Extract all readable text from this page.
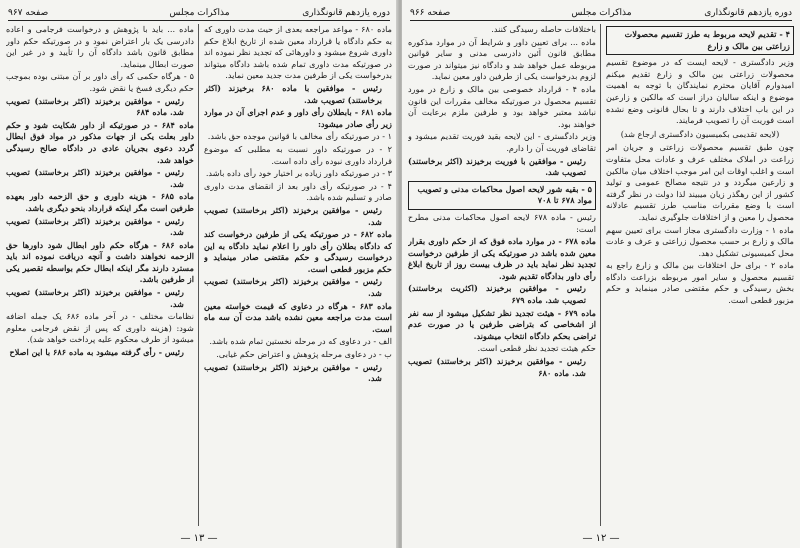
دوره یازدهم قانونگذاری
مذاکرات مجلس
صفحه ۹۶۷

ماده ۶۸۰ - مواعد مراجعه بعدی از حیث مدت داوری که به حکم دادگاه یا قرارداد معین شده از تاریخ ابلاغ حکم داوری شروع میشود و داورهائی که تجدید نظر نموده اند در صورتیکه مدت داوری تمام شده باشد دادگاه میتواند بدرخواست یکی از طرفین مدت جدید معین نماید.

رئیس - موافقین با ماده ۶۸۰ برخیزند (اکثر برخاستند) تصویب شد.

ماده ۶۸۱ - بابطلان رأی داور و عدم اجرای آن در موارد زیر رأی صادر میشود:

۱ - در صورتیکه رأی مخالف با قوانین موجده حق باشد.

۲ - در صورتیکه داور نسبت به مطلبی که موضوع قرارداد داوری نبوده رأی داده است.

۳ - در صورتیکه داور زیاده بر اختیار خود رأی داده باشد.

۴ - در صورتیکه رأی داور بعد از انقضای مدت داوری صادر و تسلیم شده باشد.

رئیس - موافقین برخیزند (اکثر برخاستند) تصویب شد.

ماده ۶۸۲ - در صورتیکه یکی از طرفین درخواست کند که دادگاه بطلان رأی داور را اعلام نماید دادگاه به این درخواست رسیدگی و حکم مقتضی صادر مینماید و حکم مزبور قطعی است.

رئیس - موافقین برخیزند (اکثر برخاستند) تصویب شد.

ماده ۶۸۳ - هرگاه در دعاوی که قیمت خواسته معین است مدت مراجعه معین نشده باشد مدت آن سه ماه است.

الف - در دعاوی که در مرحله نخستین تمام شده باشد.

ب - در دعاوی مرحله پژوهش و اعتراض حکم غیابی.

رئیس - موافقین برخیزند (اکثر برخاستند) تصویب شد.

ماده ... باید با پژوهش و درخواست فرجامی و اعاده دادرسی یک بار اعتراض نمود و در صورتیکه حکم داور مطابق قانون باشد دادگاه آن را تأیید و در غیر این صورت ابطال مینماید.

۵ - هرگاه حکمی که رأی داور بر آن مبتنی بوده بموجب حکم دیگری فسخ یا نقض شود.

رئیس - موافقین برخیزند (اکثر برخاستند) تصویب شد. ماده ۶۸۴

ماده ۶۸۴ - در صورتیکه از داور شکایت شود و حکم داور بعلت یکی از جهات مذکور در مواد فوق ابطال گردد دعوی بجریان عادی در دادگاه صالح رسیدگی خواهد شد.

رئیس - موافقین برخیزند (اکثر برخاستند) تصویب شد.

ماده ۶۸۵ - هزینه داوری و حق الزحمه داور بعهده طرفین است مگر اینکه قرارداد بنحو دیگری باشد.

رئیس - موافقین برخیزند (اکثر برخاستند) تصویب شد.

ماده ۶۸۶ - هرگاه حکم داور ابطال شود داورها حق الزحمه نخواهند داشت و آنچه دریافت نموده اند باید مسترد دارند مگر اینکه ابطال حکم بواسطه تقصیر یکی از طرفین باشد.

رئیس - موافقین برخیزند (اکثر برخاستند) تصویب شد.

نظامات مختلف - در آخر ماده ۶۸۶ یک جمله اضافه شود: (هزینه داوری که پس از نقض فرجامی معلوم میشود از طرف محکوم علیه پرداخت خواهد شد).

رئیس - رأی گرفته میشود به ماده ۶۸۶ با این اصلاح

— ۱۳ —
دوره یازدهم قانونگذاری
مذاکرات مجلس
صفحه ۹۶۶

۴ - تقدیم لایحه مربوط به طرز تقسیم محصولات زراعتی بین مالک و زارع

وزیر دادگستری - لایحه ایست که در موضوع تقسیم محصولات زراعتی بین مالک و زارع تقدیم میکنم امیدوارم آقایان محترم نمایندگان با توجه به اهمیت موضوع و اینکه سالیان دراز است که مالکین و زارعین در این باب اختلاف دارند و تا بحال قانونی وضع نشده است فوریت آن را تصویب فرمایند.

(لایحه تقدیمی بکمیسیون دادگستری ارجاع شد)

چون طبق تقسیم محصولات زراعتی و جریان امر زراعت در املاک مختلف عرف و عادات محل متفاوت است و اغلب اوقات این امر موجب اختلاف میان مالکین و زارعین میگردد و در نتیجه مصالح عمومی و تولید کشور از این رهگذر زیان میبیند لذا دولت در نظر گرفته است با وضع مقررات مناسب طرز تقسیم عادلانه محصول را معین و از اختلافات جلوگیری نماید.

ماده ۱ - وزارت دادگستری مجاز است برای تعیین سهم مالک و زارع بر حسب محصول زراعتی و عرف و عادت محل کمیسیونی تشکیل دهد.

ماده ۲ - برای حل اختلافات بین مالک و زارع راجع به تقسیم محصول و سایر امور مربوطه بزراعت دادگاه بخش رسیدگی و حکم مقتضی صادر مینماید و حکم مزبور قطعی است.

باختلافات حاصله رسیدگی کنند.

ماده ... برای تعیین داور و شرایط آن در موارد مذکوره مطابق قانون آئین دادرسی مدنی و سایر قوانین مربوطه عمل خواهد شد و دادگاه نیز میتواند در صورت لزوم بدرخواست یکی از طرفین داور معین نماید.

ماده ۴ - قرارداد خصوصی بین مالک و زارع در مورد تقسیم محصول در صورتیکه مخالف مقررات این قانون نباشد معتبر خواهد بود و طرفین ملزم برعایت آن خواهند بود.

وزیر دادگستری - این لایحه بقید فوریت تقدیم میشود و تقاضای فوریت آن را دارم.

رئیس - موافقین با فوریت برخیزند (اکثر برخاستند) تصویب شد.

۵ - بقیه شور لایحه اصول محاکمات مدنی و تصویب مواد ۶۷۸ تا ۷۰۸

رئیس - ماده ۶۷۸ لایحه اصول محاکمات مدنی مطرح است:

ماده ۶۷۸ - در موارد ماده فوق که از حکم داوری بقرار معین شده باشد در صورتیکه یکی از طرفین درخواست تجدید نظر نماید باید در ظرف بیست روز از تاریخ ابلاغ رأی داور بدادگاه تقدیم شود.

رئیس - موافقین برخیزند (اکثریت برخاستند) تصویب شد. ماده ۶۷۹

ماده ۶۷۹ - هیئت تجدید نظر تشکیل میشود از سه نفر از اشخاصی که بتراضی طرفین یا در صورت عدم تراضی بحکم دادگاه انتخاب میشوند.

حکم هیئت تجدید نظر قطعی است.

رئیس - موافقین برخیزند (اکثر برخاستند) تصویب شد. ماده ۶۸۰

— ۱۲ —
